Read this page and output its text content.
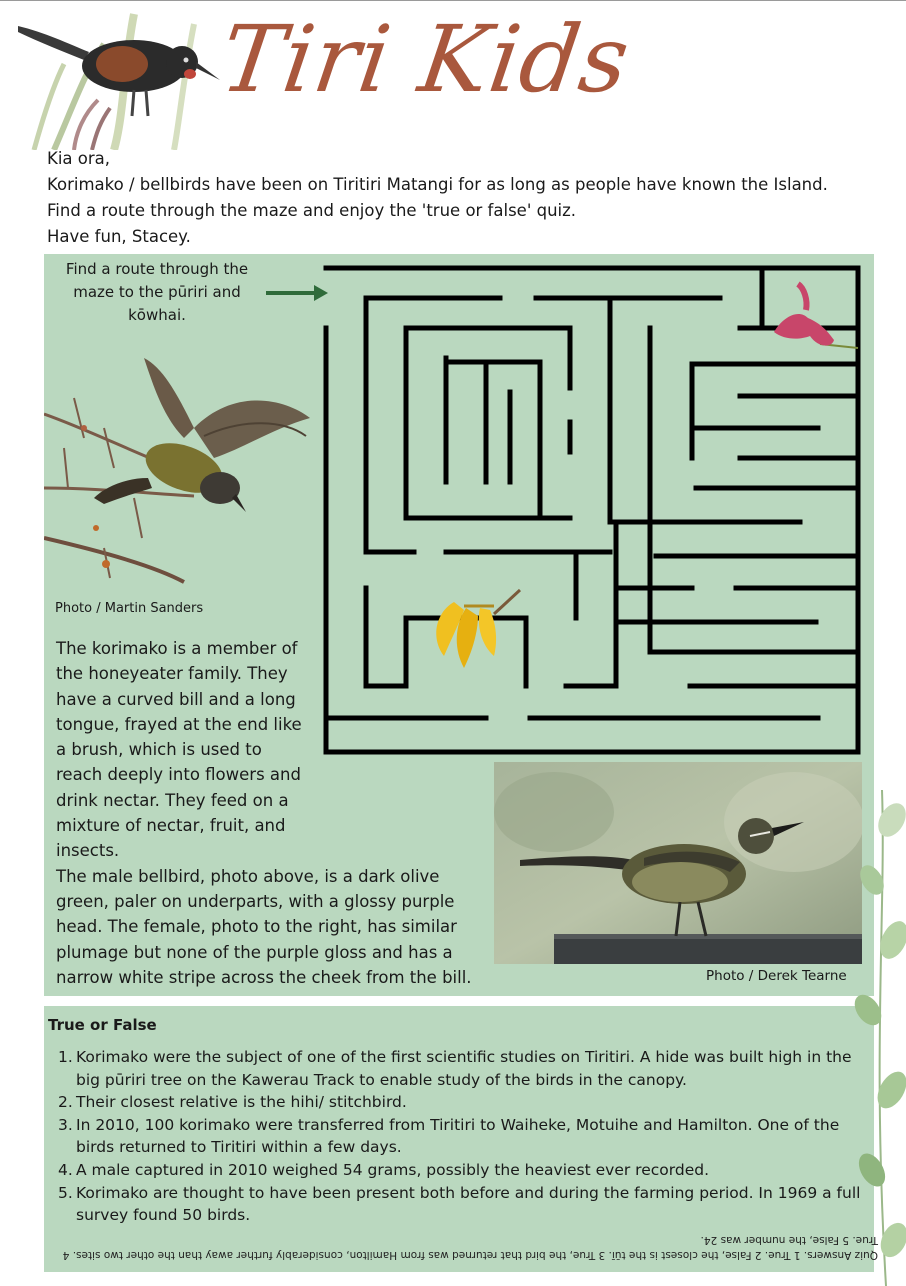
Tiri Kids
Kia ora,
Korimako / bellbirds have been on Tiritiri Matangi for as long as people have known the Island.
Find a route through the maze and enjoy the 'true or false' quiz.
Have fun, Stacey.
Find a route through the
maze to the pūriri and
kōwhai.
Photo / Martin Sanders
The korimako is a member of
the honeyeater family. They
have a curved bill and a long
tongue, frayed at the end like
a brush, which is used to
reach deeply into flowers and
drink nectar. They feed on a
mixture of nectar, fruit, and
insects.
The male bellbird, photo above, is a dark olive
green, paler on underparts, with a glossy purple
head. The female, photo to the right, has similar
plumage but none of the purple gloss and has a
narrow white stripe across the cheek from the bill.	Photo / Derek Tearne
True or False
1. Korimako were the subject of one of the first scientific studies on Tiritiri. A hide was built high in the big pūriri tree on the Kawerau Track to enable study of the birds in the canopy.
2. Their closest relative is the hihi/ stitchbird.
3. In 2010, 100 korimako were transferred from Tiritiri to Waiheke, Motuihe and Hamilton. One of the birds returned to Tiritiri within a few days.
4. A male captured in 2010 weighed 54 grams, possibly the heaviest ever recorded.
5. Korimako are thought to have been present both before and during the farming period. In 1969 a full survey found 50 birds.
Quiz Answers. 1 True. 2 False, the closest is the tūī. 3 True, the bird that returned was from Hamilton, considerably further away than the other two sites. 4 True. 5 False, the number was 24.
